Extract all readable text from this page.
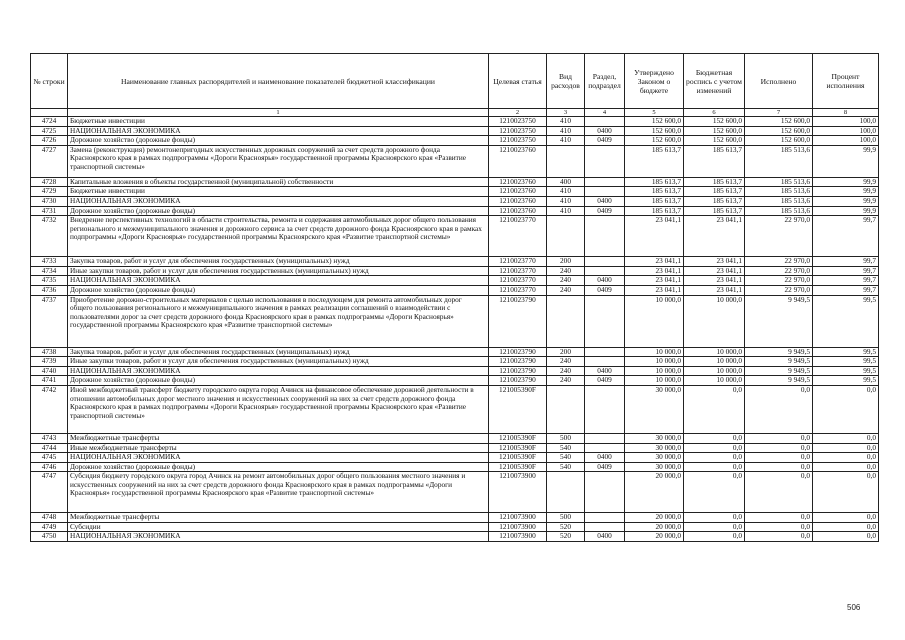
№ строки	Наименование главных распорядителей и наименование показателей бюджетной классификации	Целевая статья	Вид расходов	Раздел, подраздел	Утверждено Законом о бюджете	Бюджетная роспись с учетом изменений	Исполнено	Процент исполнения
	1	2	3	4	5	6	7	8
4724	Бюджетные инвестиции	1210023750	410		152 600,0	152 600,0	152 600,0	100,0
4725	НАЦИОНАЛЬНАЯ ЭКОНОМИКА	1210023750	410	0400	152 600,0	152 600,0	152 600,0	100,0
4726	Дорожное хозяйство (дорожные фонды)	1210023750	410	0409	152 600,0	152 600,0	152 600,0	100,0
4727	Замена (реконструкция) ремонтонепригодных искусственных дорожных сооружений за счет средств дорожного фонда Красноярского края в рамках подпрограммы «Дороги Красноярья» государственной программы Красноярского края «Развитие транспортной системы»	1210023760			185 613,7	185 613,7	185 513,6	99,9
4728	Капитальные вложения в объекты государственной (муниципальной) собственности	1210023760	400		185 613,7	185 613,7	185 513,6	99,9
4729	Бюджетные инвестиции	1210023760	410		185 613,7	185 613,7	185 513,6	99,9
4730	НАЦИОНАЛЬНАЯ ЭКОНОМИКА	1210023760	410	0400	185 613,7	185 613,7	185 513,6	99,9
4731	Дорожное хозяйство (дорожные фонды)	1210023760	410	0409	185 613,7	185 613,7	185 513,6	99,9
4732	Внедрение перспективных технологий в области строительства, ремонта и содержания автомобильных дорог общего пользования регионального и межмуниципального значения и дорожного сервиса за счет средств дорожного фонда Красноярского края в рамках подпрограммы «Дороги Красноярья» государственной программы Красноярского края «Развитие транспортной системы»	1210023770			23 041,1	23 041,1	22 970,0	99,7
4733	Закупка товаров, работ и услуг для обеспечения государственных (муниципальных) нужд	1210023770	200		23 041,1	23 041,1	22 970,0	99,7
4734	Иные закупки товаров, работ и услуг для обеспечения государственных (муниципальных) нужд	1210023770	240		23 041,1	23 041,1	22 970,0	99,7
4735	НАЦИОНАЛЬНАЯ ЭКОНОМИКА	1210023770	240	0400	23 041,1	23 041,1	22 970,0	99,7
4736	Дорожное хозяйство (дорожные фонды)	1210023770	240	0409	23 041,1	23 041,1	22 970,0	99,7
4737	Приобретение дорожно-строительных материалов с целью использования в последующем для ремонта автомобильных дорог общего пользования регионального и межмуниципального значения в рамках реализации соглашений о взаимодействии с пользователями дорог за счет средств дорожного фонда Красноярского края в рамках подпрограммы «Дороги Красноярья» государственной программы Красноярского края «Развитие транспортной системы»	1210023790			10 000,0	10 000,0	9 949,5	99,5
4738	Закупка товаров, работ и услуг для обеспечения государственных (муниципальных) нужд	1210023790	200		10 000,0	10 000,0	9 949,5	99,5
4739	Иные закупки товаров, работ и услуг для обеспечения государственных (муниципальных) нужд	1210023790	240		10 000,0	10 000,0	9 949,5	99,5
4740	НАЦИОНАЛЬНАЯ ЭКОНОМИКА	1210023790	240	0400	10 000,0	10 000,0	9 949,5	99,5
4741	Дорожное хозяйство (дорожные фонды)	1210023790	240	0409	10 000,0	10 000,0	9 949,5	99,5
4742	Иной межбюджетный трансферт бюджету городского округа город Ачинск на финансовое обеспечение дорожной деятельности в отношении автомобильных дорог местного значения и искусственных сооружений на них за счет средств дорожного фонда Красноярского края в рамках подпрограммы «Дороги Красноярья» государственной программы Красноярского края «Развитие транспортной системы»	121005390F			30 000,0	0,0	0,0	0,0
4743	Межбюджетные трансферты	121005390F	500		30 000,0	0,0	0,0	0,0
4744	Иные межбюджетные трансферты	121005390F	540		30 000,0	0,0	0,0	0,0
4745	НАЦИОНАЛЬНАЯ ЭКОНОМИКА	121005390F	540	0400	30 000,0	0,0	0,0	0,0
4746	Дорожное хозяйство (дорожные фонды)	121005390F	540	0409	30 000,0	0,0	0,0	0,0
4747	Субсидия бюджету городского округа город Ачинск на ремонт автомобильных дорог общего пользования местного значения и искусственных сооружений на них за счет средств дорожного фонда Красноярского края в рамках подпрограммы «Дороги Красноярья» государственной программы Красноярского края «Развитие транспортной системы»	1210073900			20 000,0	0,0	0,0	0,0
4748	Межбюджетные трансферты	1210073900	500		20 000,0	0,0	0,0	0,0
4749	Субсидии	1210073900	520		20 000,0	0,0	0,0	0,0
4750	НАЦИОНАЛЬНАЯ ЭКОНОМИКА	1210073900	520	0400	20 000,0	0,0	0,0	0,0
506
